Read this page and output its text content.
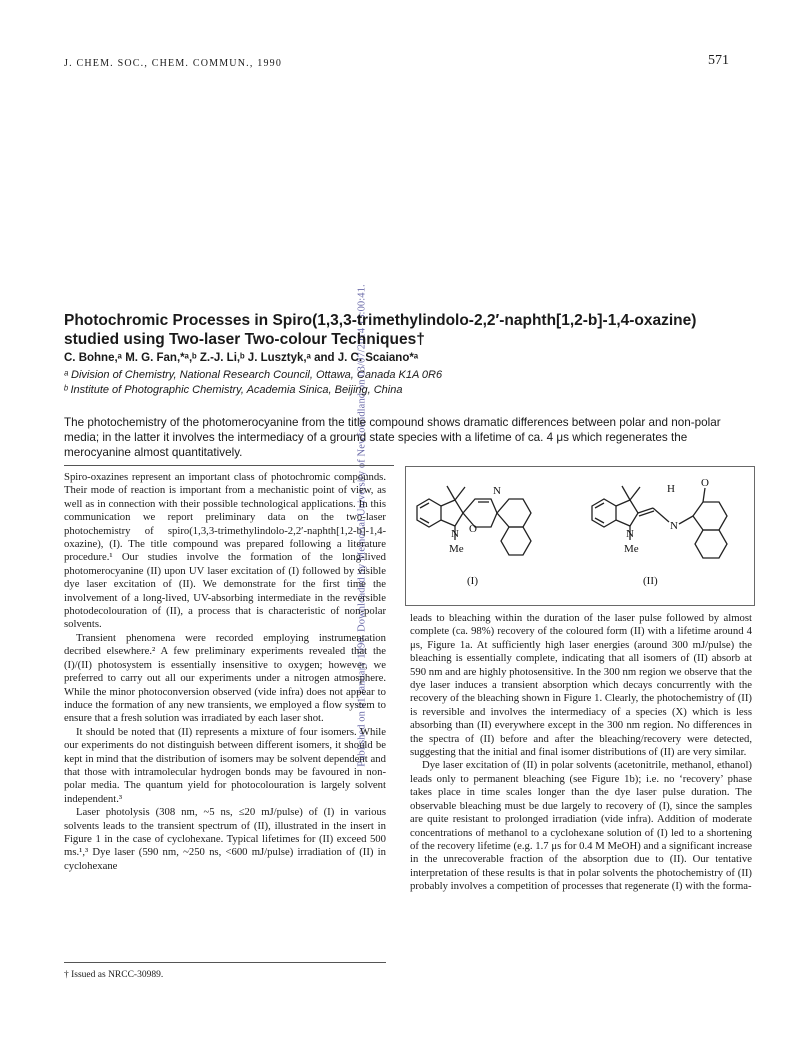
Published on 01 January 1990. Downloaded by Memorial University of Newfoundland on 03/07/2014 13:00:41.
J. CHEM. SOC., CHEM. COMMUN., 1990	571
Photochromic Processes in Spiro(1,3,3-trimethylindolo-2,2′-naphth[1,2-b]-1,4-oxazine) studied using Two-laser Two-colour Techniques†
C. Bohne,ᵃ M. G. Fan,*ᵃ,ᵇ Z.-J. Li,ᵇ J. Lusztyk,ᵃ and J. C. Scaiano*ᵃ
ᵃ Division of Chemistry, National Research Council, Ottawa, Canada K1A 0R6
ᵇ Institute of Photographic Chemistry, Academia Sinica, Beijing, China
The photochemistry of the photomerocyanine from the title compound shows dramatic differences between polar and non-polar media; in the latter it involves the intermediacy of a ground state species with a lifetime of ca. 4 μs which regenerates the merocyanine almost quantitatively.

Spiro-oxazines represent an important class of photochromic compounds. Their mode of reaction is important from a mechanistic point of view, as well as in connection with their possible technological applications. In this communication we report preliminary data on the two-laser photochemistry of spiro(1,3,3-trimethylindolo-2,2′-naphth[1,2-b]-1,4-oxazine), (I). The title compound was prepared following a literature procedure.¹ Our studies involve the formation of the long-lived photomerocyanine (II) upon UV laser excitation of (I) followed by visible dye laser excitation of (II). We demonstrate for the first time the involvement of a long-lived, UV-absorbing intermediate in the reversible photodecolouration of (II), a process that is characteristic of non-polar solvents.

Transient phenomena were recorded employing instrumentation decribed elsewhere.² A few preliminary experiments revealed that the (I)/(II) photosystem is essentially insensitive to oxygen; however, we preferred to carry out all our experiments under a nitrogen atmosphere. While the minor photoconversion observed (vide infra) does not appear to induce the formation of any new transients, we employed a flow system to ensure that a fresh solution was irradiated by each laser shot.

It should be noted that (II) represents a mixture of four isomers. While our experiments do not distinguish between different isomers, it should be kept in mind that the distribution of isomers may be solvent dependent and that those with intramolecular hydrogen bonds may be favoured in non-polar media. The quantum yield for photocolouration is largely solvent independent.³

Laser photolysis (308 nm, ~5 ns, ≤20 mJ/pulse) of (I) in various solvents leads to the transient spectrum of (II), illustrated in the insert in Figure 1 in the case of cyclohexane. Typical lifetimes for (II) exceed 500 ms.¹,³ Dye laser (590 nm, ~250 ns, <600 mJ/pulse) irradiation of (II) in cyclohexane

N
O
N
Me
(I)
H O
N
N
Me
(II)

leads to bleaching within the duration of the laser pulse followed by almost complete (ca. 98%) recovery of the coloured form (II) with a lifetime around 4 μs, Figure 1a. At sufficiently high laser energies (around 300 mJ/pulse) the bleaching is essentially complete, indicating that all isomers of (II) absorb at 590 nm and are highly photosensitive. In the 300 nm region we observe that the dye laser induces a transient absorption which decays concurrently with the recovery of the bleaching shown in Figure 1. Clearly, the photochemistry of (II) is reversible and involves the intermediacy of a species (X) which is less absorbing than (II) everywhere except in the 300 nm region. No differences in the spectra of (II) before and after the bleaching/recovery were detected, suggesting that the initial and final isomer distributions of (II) are very similar.

Dye laser excitation of (II) in polar solvents (acetonitrile, methanol, ethanol) leads only to permanent bleaching (see Figure 1b); i.e. no ‘recovery’ phase takes place in time scales longer than the dye laser pulse duration. The observable bleaching must be due largely to recovery of (I), since the samples are quite resistant to prolonged irradiation (vide infra). Addition of moderate concentrations of methanol to a cyclohexane solution of (I) led to a shortening of the recovery lifetime (e.g. 1.7 μs for 0.4 M MeOH) and a significant increase in the unrecoverable fraction of the absorption due to (II). Our tentative interpretation of these results is that in polar solvents the photochemistry of (II) probably involves a competition of processes that regenerate (I) with the forma-

† Issued as NRCC-30989.
